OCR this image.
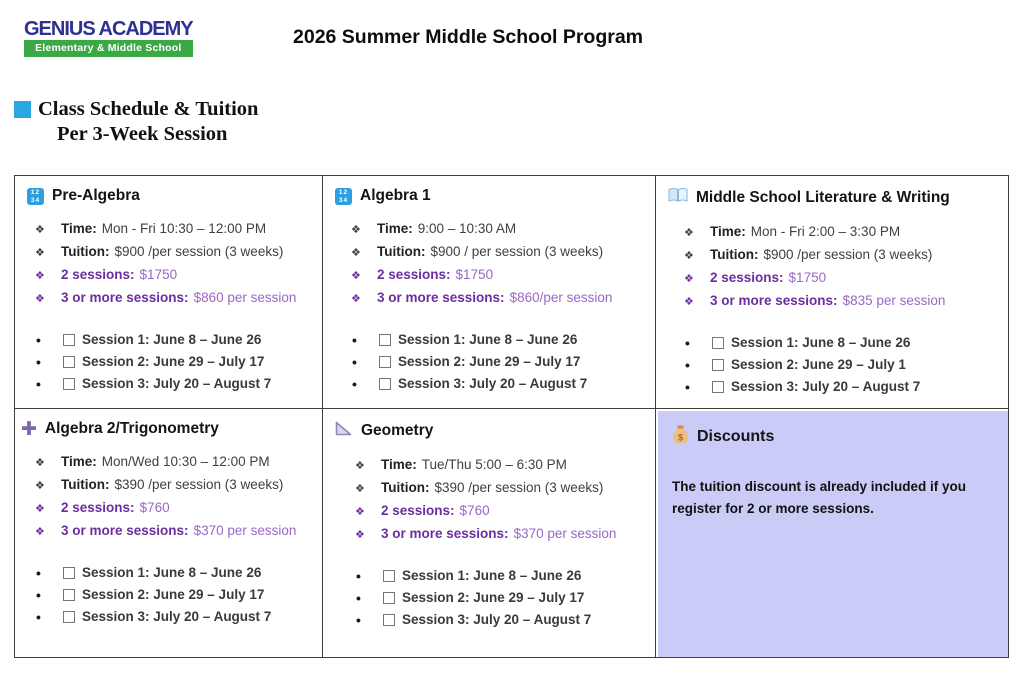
GENIUS ACADEMY
Elementary & Middle School	2026 Summer Middle School Program
Class Schedule & Tuition
Per 3-Week Session
12
34 Pre-Algebra
❖	Time: Mon - Fri 10:30 – 12:00 PM
❖	Tuition: $900 /per session (3 weeks)
❖	2 sessions: $1750
❖	3 or more sessions: $860 per session
•	Session 1: June 8 – June 26
•	Session 2: June 29 – July 17
•	Session 3: July 20 – August 7
12
34 Algebra 1
❖	Time: 9:00 – 10:30 AM
❖	Tuition: $900 / per session (3 weeks)
❖	2 sessions: $1750
❖	3 or more sessions: $860/per session
•	Session 1: June 8 – June 26
•	Session 2: June 29 – July 17
•	Session 3: July 20 – August 7
Middle School Literature & Writing
❖	Time: Mon - Fri 2:00 – 3:30 PM
❖	Tuition: $900 /per session (3 weeks)
❖	2 sessions: $1750
❖	3 or more sessions: $835 per session
•	Session 1: June 8 – June 26
•	Session 2: June 29 – July 1
•	Session 3: July 20 – August 7
✚ Algebra 2/Trigonometry
❖	Time: Mon/Wed 10:30 – 12:00 PM
❖	Tuition: $390 /per session (3 weeks)
❖	2 sessions: $760
❖	3 or more sessions: $370 per session
•	Session 1: June 8 – June 26
•	Session 2: June 29 – July 17
•	Session 3: July 20 – August 7
Geometry
❖	Time: Tue/Thu 5:00 – 6:30 PM
❖	Tuition: $390 /per session (3 weeks)
❖	2 sessions: $760
❖	3 or more sessions: $370 per session
•	Session 1: June 8 – June 26
•	Session 2: June 29 – July 17
•	Session 3: July 20 – August 7
$ Discounts
The tuition discount is already included if you register for 2 or more sessions.
